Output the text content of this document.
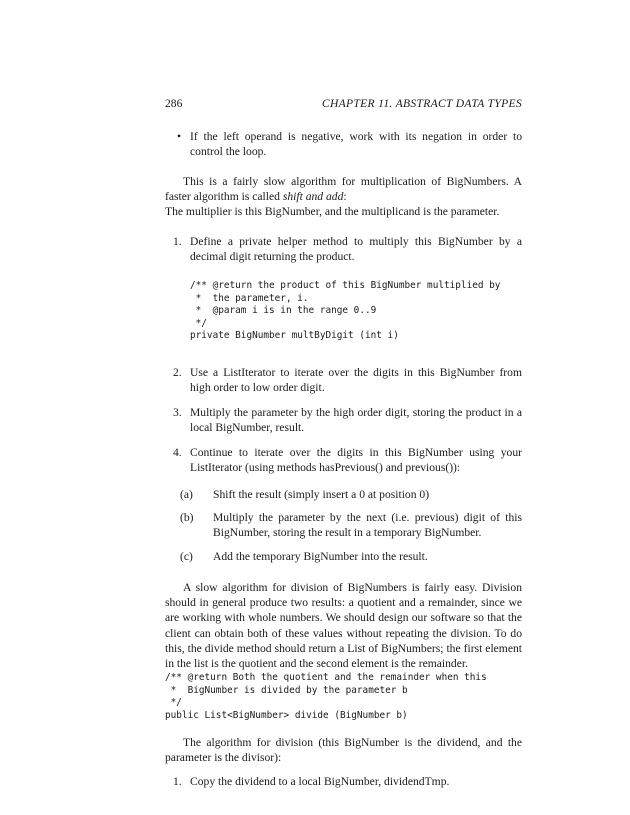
286	CHAPTER 11. ABSTRACT DATA TYPES
• If the left operand is negative, work with its negation in order to control the loop.

This is a fairly slow algorithm for multiplication of BigNumbers. A faster algorithm is called shift and add:

The multiplier is this BigNumber, and the multiplicand is the parameter.

1. Define a private helper method to multiply this BigNumber by a decimal digit returning the product.
/** @return the product of this BigNumber multiplied by
*  the parameter, i.
*  @param i is in the range 0..9
*/
private BigNumber multByDigit (int i)
2. Use a ListIterator to iterate over the digits in this BigNumber from high order to low order digit.
3. Multiply the parameter by the high order digit, storing the product in a local BigNumber, result.
4. Continue to iterate over the digits in this BigNumber using your ListIterator (using methods hasPrevious() and previous()):
(a) Shift the result (simply insert a 0 at position 0)
(b) Multiply the parameter by the next (i.e. previous) digit of this BigNumber, storing the result in a temporary BigNumber.
(c) Add the temporary BigNumber into the result.

A slow algorithm for division of BigNumbers is fairly easy. Division should in general produce two results: a quotient and a remainder, since we are working with whole numbers. We should design our software so that the client can obtain both of these values without repeating the division. To do this, the divide method should return a List of BigNumbers; the first element in the list is the quotient and the second element is the remainder.

/** @return Both the quotient and the remainder when this
*  BigNumber is divided by the parameter b
*/
public List<BigNumber> divide (BigNumber b)

The algorithm for division (this BigNumber is the dividend, and the parameter is the divisor):

1. Copy the dividend to a local BigNumber, dividendTmp.
